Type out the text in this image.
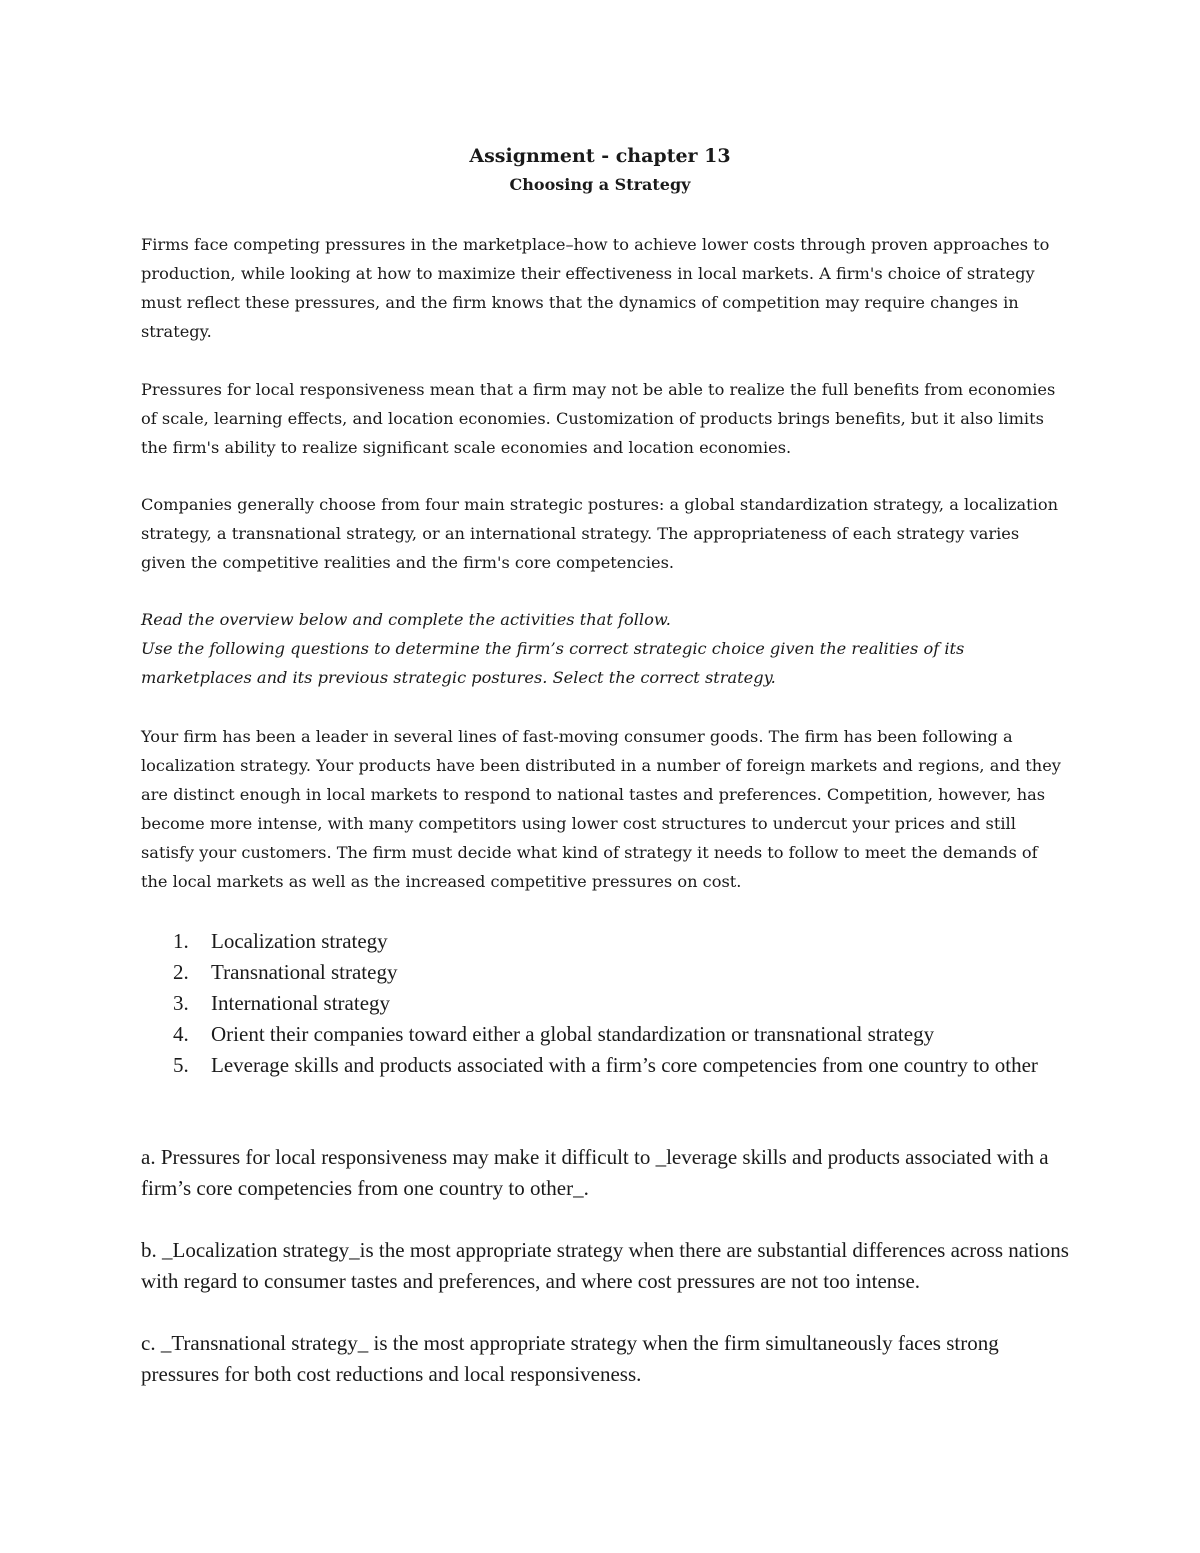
Assignment - chapter 13
Choosing a Strategy

Firms face competing pressures in the marketplace–how to achieve lower costs through proven approaches to production, while looking at how to maximize their effectiveness in local markets. A firm's choice of strategy must reflect these pressures, and the firm knows that the dynamics of competition may require changes in strategy.

Pressures for local responsiveness mean that a firm may not be able to realize the full benefits from economies of scale, learning effects, and location economies. Customization of products brings benefits, but it also limits the firm's ability to realize significant scale economies and location economies.

Companies generally choose from four main strategic postures: a global standardization strategy, a localization strategy, a transnational strategy, or an international strategy. The appropriateness of each strategy varies given the competitive realities and the firm's core competencies.

Read the overview below and complete the activities that follow.

Use the following questions to determine the firm’s correct strategic choice given the realities of its marketplaces and its previous strategic postures. Select the correct strategy.

Your firm has been a leader in several lines of fast-moving consumer goods. The firm has been following a localization strategy. Your products have been distributed in a number of foreign markets and regions, and they are distinct enough in local markets to respond to national tastes and preferences. Competition, however, has become more intense, with many competitors using lower cost structures to undercut your prices and still satisfy your customers. The firm must decide what kind of strategy it needs to follow to meet the demands of the local markets as well as the increased competitive pressures on cost.

1. Localization strategy
2. Transnational strategy
3. International strategy
4. Orient their companies toward either a global standardization or transnational strategy
5. Leverage skills and products associated with a firm’s core competencies from one country to other

a. Pressures for local responsiveness may make it difficult to _leverage skills and products associated with a firm’s core competencies from one country to other_.

b. _Localization strategy_is the most appropriate strategy when there are substantial differences across nations with regard to consumer tastes and preferences, and where cost pressures are not too intense.

c. _Transnational strategy_ is the most appropriate strategy when the firm simultaneously faces strong pressures for both cost reductions and local responsiveness.
